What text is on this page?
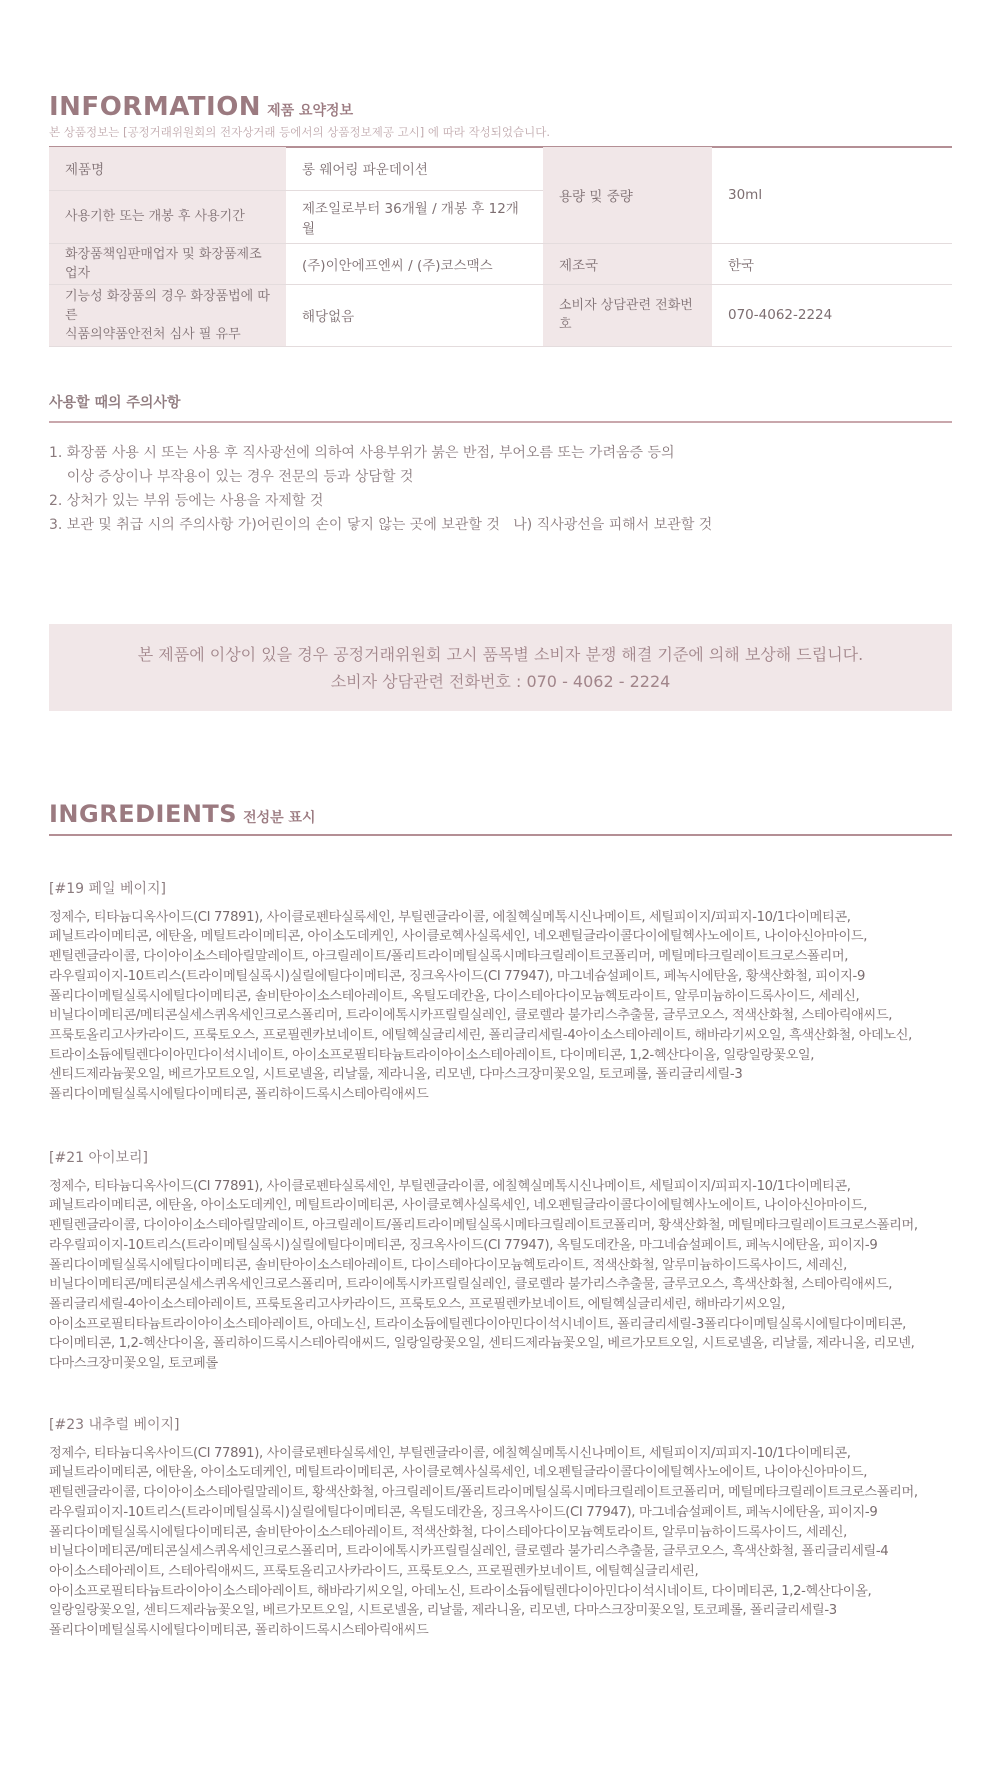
INFORMATION 제품 요약정보
본 상품정보는 [공정거래위원회의 전자상거래 등에서의 상품정보제공 고시] 에 따라 작성되었습니다.
제품명	롱 웨어링 파운데이션	용량 및 중량	30ml
사용기한 또는 개봉 후 사용기간	제조일로부터 36개월 / 개봉 후 12개월		
화장품책임판매업자 및 화장품제조업자	(주)이안에프엔씨 / (주)코스맥스	제조국	한국

기능성 화장품의 경우 화장품법에 따른
식품의약품안전처 심사 필 유무	해당없음	소비자 상담관련 전화번호	070-4062-2224
사용할 때의 주의사항
1. 화장품 사용 시 또는 사용 후 직사광선에 의하여 사용부위가 붉은 반점, 부어오름 또는 가려움증 등의
이상 증상이나 부작용이 있는 경우 전문의 등과 상담할 것
2. 상처가 있는 부위 등에는 사용을 자제할 것
3. 보관 및 취급 시의 주의사항 가)어린이의 손이 닿지 않는 곳에 보관할 것   나) 직사광선을 피해서 보관할 것
본 제품에 이상이 있을 경우 공정거래위원회 고시 품목별 소비자 분쟁 해결 기준에 의해 보상해 드립니다.
소비자 상담관련 전화번호 : 070 - 4062 - 2224
INGREDIENTS 전성분 표시
[#19 페일 베이지]
정제수, 티타늄디옥사이드(CI 77891), 사이클로펜타실록세인, 부틸렌글라이콜, 에칠헥실메톡시신나메이트, 세틸피이지/피피지-10/1다이메티콘,
페닐트라이메티콘, 에탄올, 메틸트라이메티콘, 아이소도데케인, 사이클로헥사실록세인, 네오펜틸글라이콜다이에틸헥사노에이트, 나이아신아마이드,
펜틸렌글라이콜, 다이아이소스테아릴말레이트, 아크릴레이트/폴리트라이메틸실록시메타크릴레이트코폴리머, 메틸메타크릴레이트크로스폴리머,
라우릴피이지-10트리스(트라이메틸실록시)실릴에틸다이메티콘, 징크옥사이드(CI 77947), 마그네슘설페이트, 페녹시에탄올, 황색산화철, 피이지-9
폴리다이메틸실록시에틸다이메티콘, 솔비탄아이소스테아레이트, 옥틸도데칸올, 다이스테아다이모늄헥토라이트, 알루미늄하이드록사이드, 세레신,
비닐다이메티콘/메티콘실세스퀴옥세인크로스폴리머, 트라이에톡시카프릴릴실레인, 클로렐라 불가리스추출물, 글루코오스, 적색산화철, 스테아릭애씨드,
프룩토올리고사카라이드, 프룩토오스, 프로필렌카보네이트, 에틸헥실글리세린, 폴리글리세릴-4아이소스테아레이트, 해바라기씨오일, 흑색산화철, 아데노신,
트라이소듐에틸렌다이아민다이석시네이트, 아이소프로필티타늄트라이아이소스테아레이트, 다이메티콘, 1,2-헥산다이올, 일랑일랑꽃오일,
센티드제라늄꽃오일, 베르가모트오일, 시트로넬올, 리날룰, 제라니올, 리모넨, 다마스크장미꽃오일, 토코페롤, 폴리글리세릴-3
폴리다이메틸실록시에틸다이메티콘, 폴리하이드록시스테아릭애씨드
[#21 아이보리]
정제수, 티타늄디옥사이드(CI 77891), 사이클로펜타실록세인, 부틸렌글라이콜, 에칠헥실메톡시신나메이트, 세틸피이지/피피지-10/1다이메티콘,
페닐트라이메티콘, 에탄올, 아이소도데케인, 메틸트라이메티콘, 사이클로헥사실록세인, 네오펜틸글라이콜다이에틸헥사노에이트, 나이아신아마이드,
펜틸렌글라이콜, 다이아이소스테아릴말레이트, 아크릴레이트/폴리트라이메틸실록시메타크릴레이트코폴리머, 황색산화철, 메틸메타크릴레이트크로스폴리머,
라우릴피이지-10트리스(트라이메틸실록시)실릴에틸다이메티콘, 징크옥사이드(CI 77947), 옥틸도데칸올, 마그네슘설페이트, 페녹시에탄올, 피이지-9
폴리다이메틸실록시에틸다이메티콘, 솔비탄아이소스테아레이트, 다이스테아다이모늄헥토라이트, 적색산화철, 알루미늄하이드록사이드, 세레신,
비닐다이메티콘/메티콘실세스퀴옥세인크로스폴리머, 트라이에톡시카프릴릴실레인, 클로렐라 불가리스추출물, 글루코오스, 흑색산화철, 스테아릭애씨드,
폴리글리세릴-4아이소스테아레이트, 프룩토올리고사카라이드, 프룩토오스, 프로필렌카보네이트, 에틸헥실글리세린, 해바라기씨오일,
아이소프로필티타늄트라이아이소스테아레이트, 아데노신, 트라이소듐에틸렌다이아민다이석시네이트, 폴리글리세릴-3폴리다이메틸실록시에틸다이메티콘,
다이메티콘, 1,2-헥산다이올, 폴리하이드록시스테아릭애씨드, 일랑일랑꽃오일, 센티드제라늄꽃오일, 베르가모트오일, 시트로넬올, 리날룰, 제라니올, 리모넨,
다마스크장미꽃오일, 토코페롤
[#23 내추럴 베이지]
정제수, 티타늄디옥사이드(CI 77891), 사이클로펜타실록세인, 부틸렌글라이콜, 에칠헥실메톡시신나메이트, 세틸피이지/피피지-10/1다이메티콘,
페닐트라이메티콘, 에탄올, 아이소도데케인, 메틸트라이메티콘, 사이클로헥사실록세인, 네오펜틸글라이콜다이에틸헥사노에이트, 나이아신아마이드,
펜틸렌글라이콜, 다이아이소스테아릴말레이트, 황색산화철, 아크릴레이트/폴리트라이메틸실록시메타크릴레이트코폴리머, 메틸메타크릴레이트크로스폴리머,
라우릴피이지-10트리스(트라이메틸실록시)실릴에틸다이메티콘, 옥틸도데칸올, 징크옥사이드(CI 77947), 마그네슘설페이트, 페녹시에탄올, 피이지-9
폴리다이메틸실록시에틸다이메티콘, 솔비탄아이소스테아레이트, 적색산화철, 다이스테아다이모늄헥토라이트, 알루미늄하이드록사이드, 세레신,
비닐다이메티콘/메티콘실세스퀴옥세인크로스폴리머, 트라이에톡시카프릴릴실레인, 클로렐라 불가리스추출물, 글루코오스, 흑색산화철, 폴리글리세릴-4
아이소스테아레이트, 스테아릭애씨드, 프룩토올리고사카라이드, 프룩토오스, 프로필렌카보네이트, 에틸헥실글리세린,
아이소프로필티타늄트라이아이소스테아레이트, 해바라기씨오일, 아데노신, 트라이소듐에틸렌다이아민다이석시네이트, 다이메티콘, 1,2-헥산다이올,
일랑일랑꽃오일, 센티드제라늄꽃오일, 베르가모트오일, 시트로넬올, 리날룰, 제라니올, 리모넨, 다마스크장미꽃오일, 토코페롤, 폴리글리세릴-3
폴리다이메틸실록시에틸다이메티콘, 폴리하이드록시스테아릭애씨드
